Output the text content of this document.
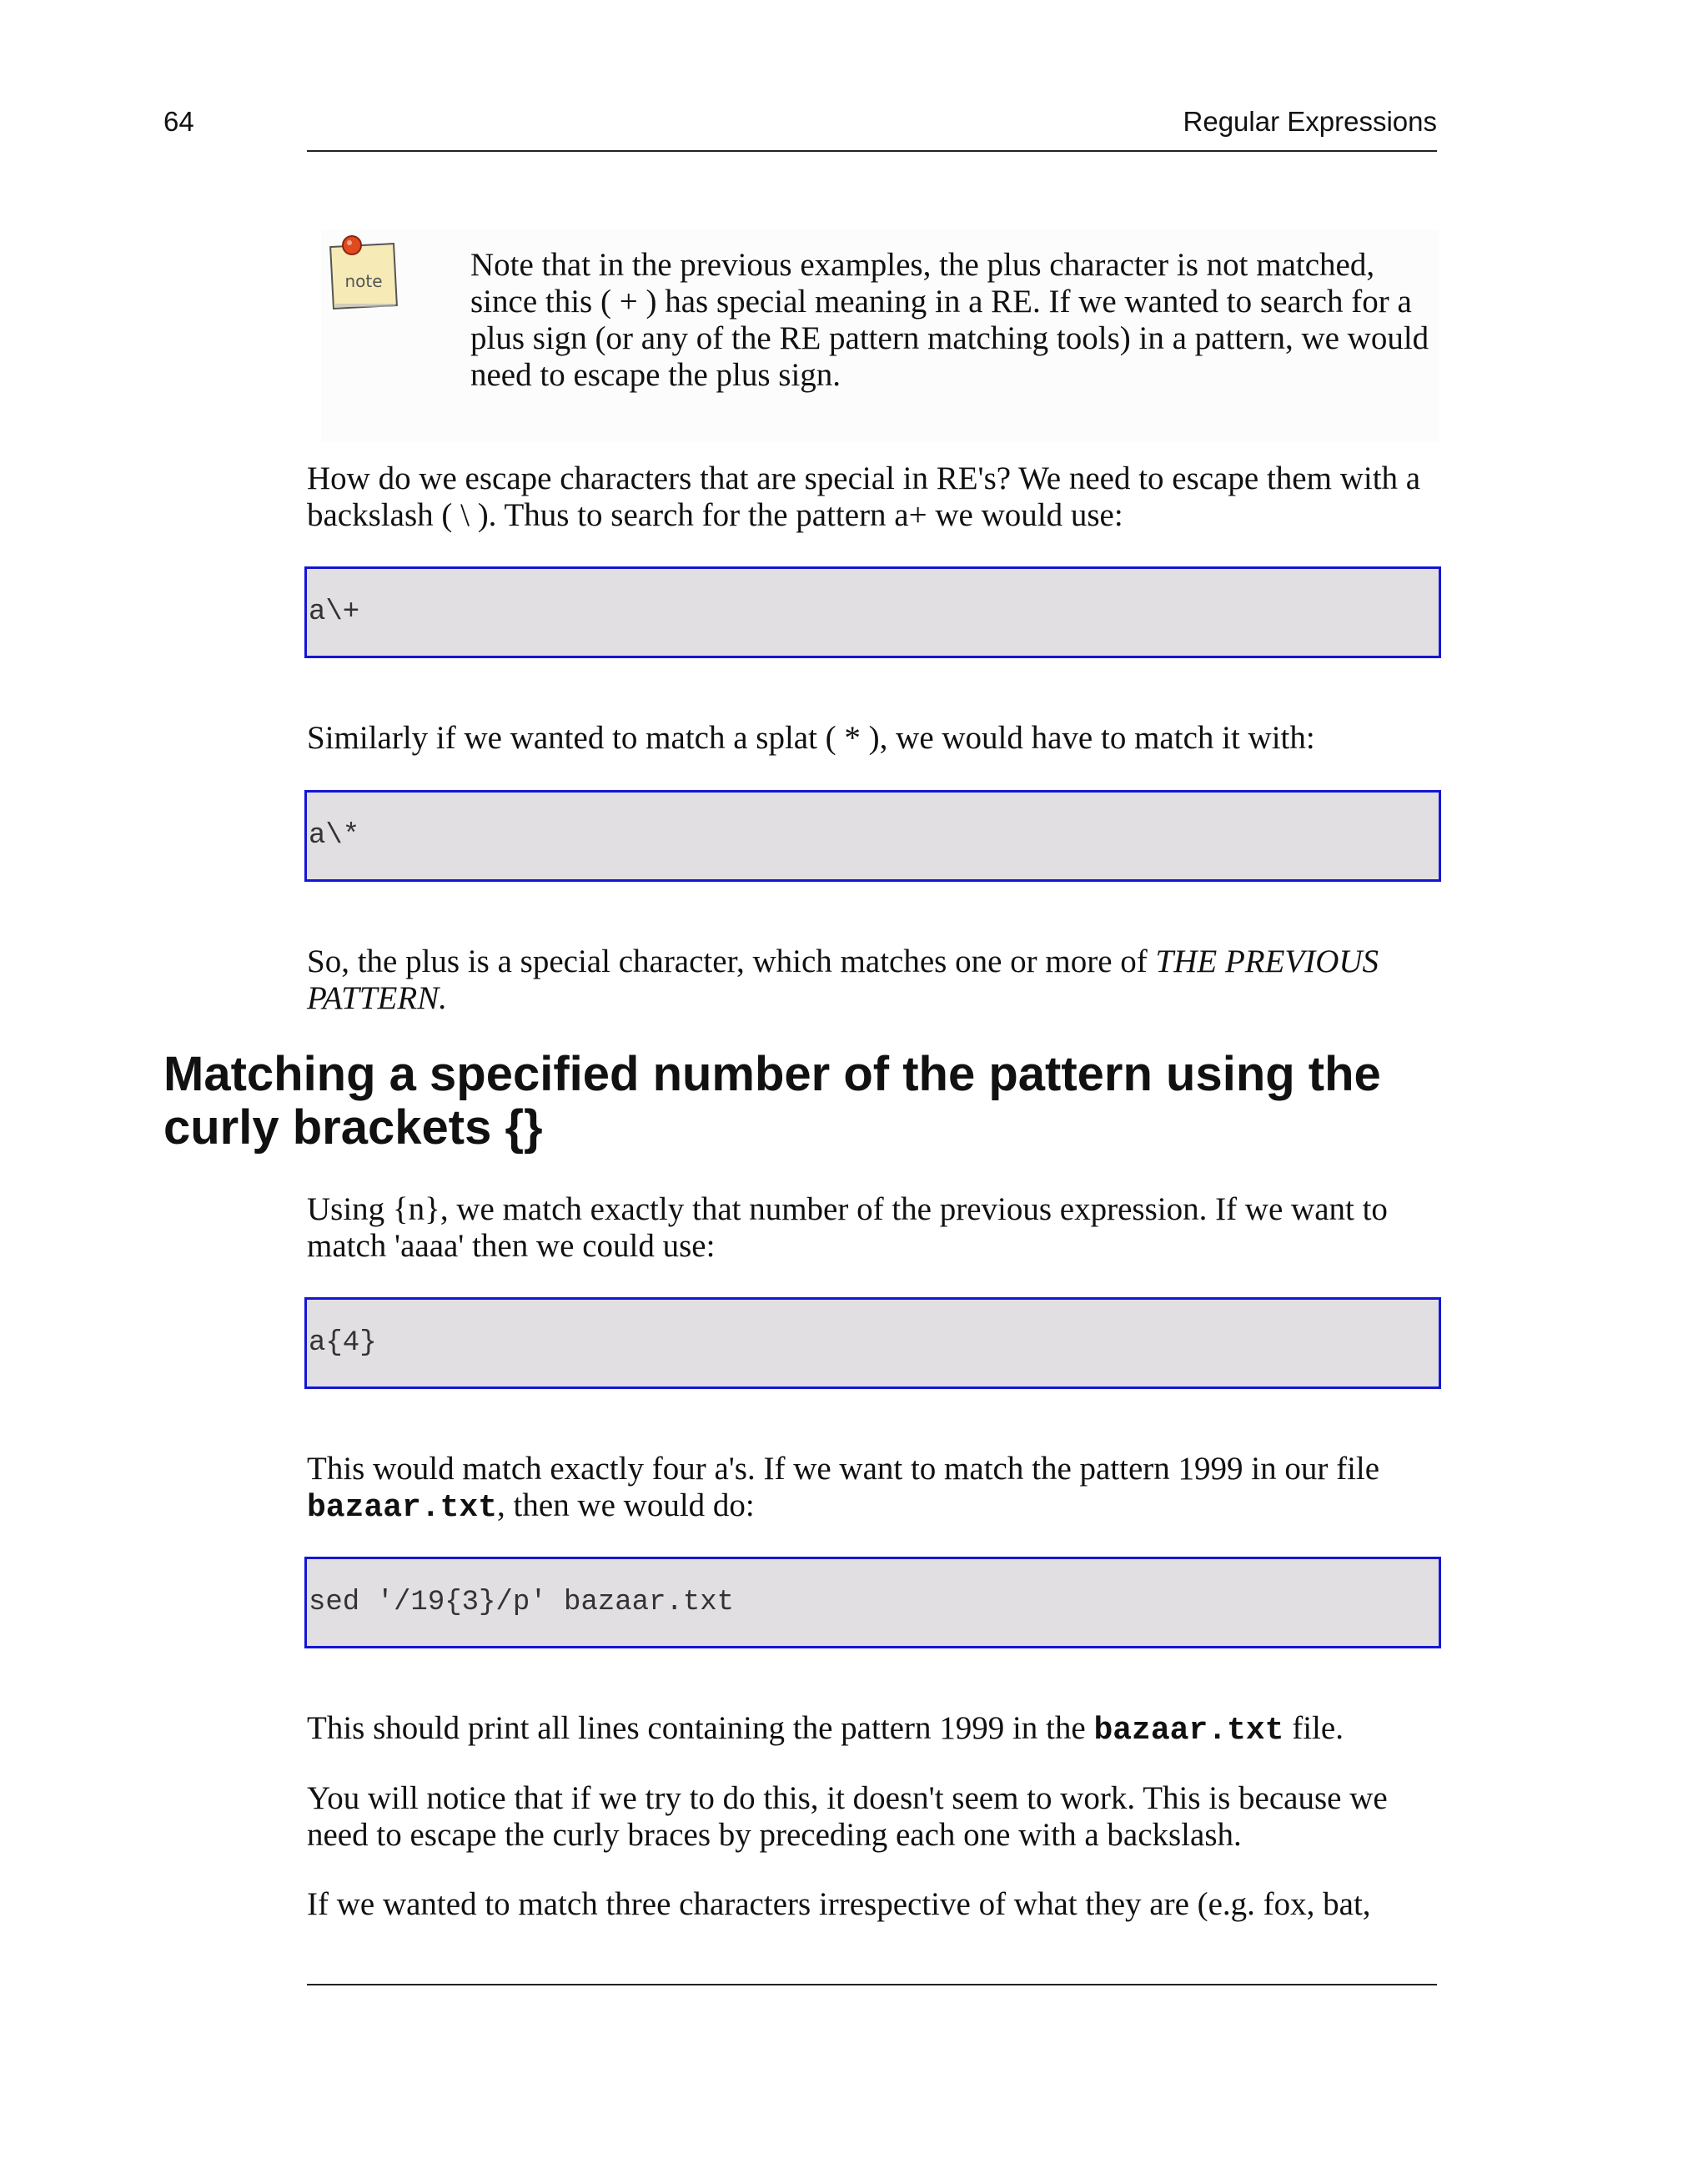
64	Regular Expressions
note	Note that in the previous examples, the plus character is not matched, since this ( + ) has special meaning in a RE. If we wanted to search for a plus sign (or any of the RE pattern matching tools) in a pattern, we would need to escape the plus sign.
How do we escape characters that are special in RE's? We need to escape them with a backslash ( \ ). Thus to search for the pattern a+ we would use:
a\+
Similarly if we wanted to match a splat ( * ), we would have to match it with:
a\*
So, the plus is a special character, which matches one or more of THE PREVIOUS PATTERN.
Matching a specified number of the pattern using the curly brackets {}
Using {n}, we match exactly that number of the previous expression. If we want to match 'aaaa' then we could use:
a{4}
This would match exactly four a's. If we want to match the pattern 1999 in our file bazaar.txt, then we would do:
sed '/19{3}/p' bazaar.txt
This should print all lines containing the pattern 1999 in the bazaar.txt file.
You will notice that if we try to do this, it doesn't seem to work. This is because we need to escape the curly braces by preceding each one with a backslash.
If we wanted to match three characters irrespective of what they are (e.g. fox, bat,
